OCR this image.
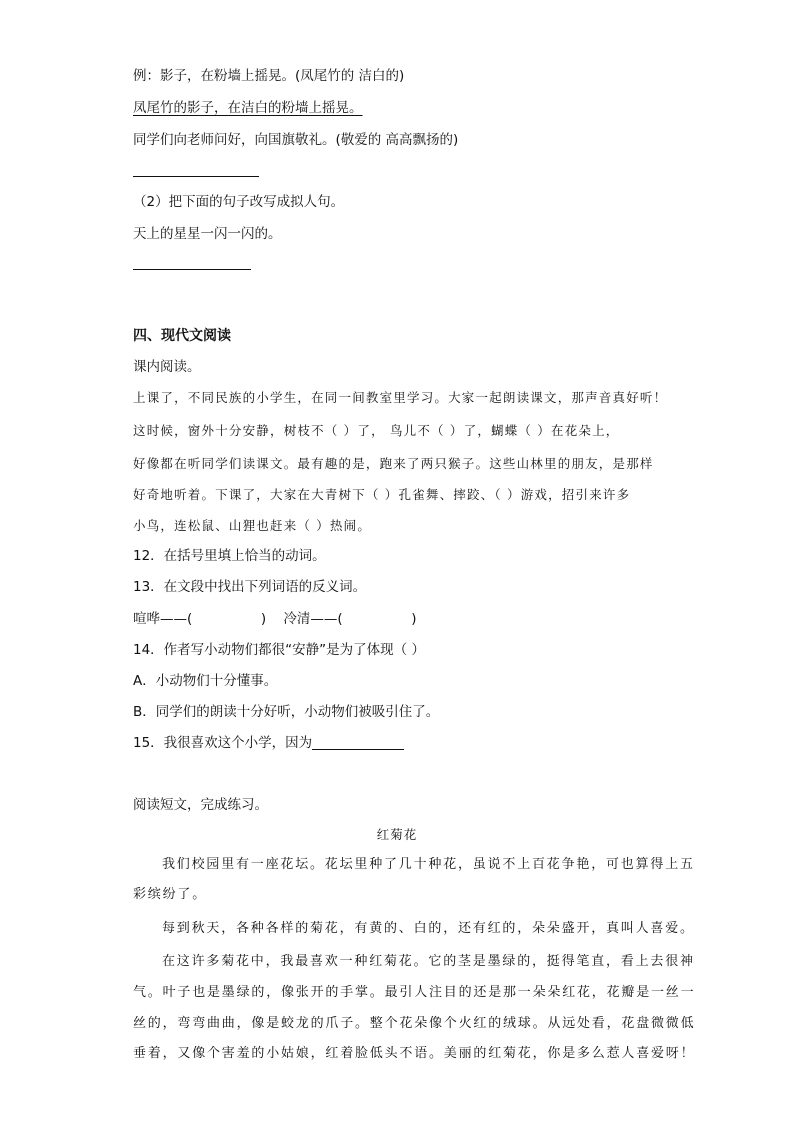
例：影子，在粉墙上摇晃。(凤尾竹的 洁白的)
凤尾竹的影子，在洁白的粉墙上摇晃。
同学们向老师问好，向国旗敬礼。(敬爱的 高高飘扬的)
（2）把下面的句子改写成拟人句。
天上的星星一闪一闪的。
四、现代文阅读
课内阅读。
上课了，不同民族的小学生，在同一间教室里学习。大家一起朗读课文，那声音真好听！
这时候，窗外十分安静，树枝不（ ）了， 鸟儿不（ ）了，蝴蝶（ ）在花朵上，
好像都在听同学们读课文。最有趣的是，跑来了两只猴子。这些山林里的朋友，是那样
好奇地听着。下课了，大家在大青树下（ ）孔雀舞、摔跤、（ ）游戏，招引来许多
小鸟，连松鼠、山狸也赶来（ ）热闹。
12．在括号里填上恰当的动词。
13．在文段中找出下列词语的反义词。
喧哗——(                )    冷清——(                )
14．作者写小动物们都很“安静”是为了体现（ ）
A．小动物们十分懂事。
B．同学们的朗读十分好听，小动物们被吸引住了。
15．我很喜欢这个小学，因为
阅读短文，完成练习。
红菊花
我们校园里有一座花坛。花坛里种了几十种花，虽说不上百花争艳，可也算得上五
彩缤纷了。
每到秋天，各种各样的菊花，有黄的、白的，还有红的，朵朵盛开，真叫人喜爱。
在这许多菊花中，我最喜欢一种红菊花。它的茎是墨绿的，挺得笔直，看上去很神
气。叶子也是墨绿的，像张开的手掌。最引人注目的还是那一朵朵红花，花瓣是一丝一
丝的，弯弯曲曲，像是蛟龙的爪子。整个花朵像个火红的绒球。从远处看，花盘微微低
垂着，又像个害羞的小姑娘，红着脸低头不语。美丽的红菊花，你是多么惹人喜爱呀！
